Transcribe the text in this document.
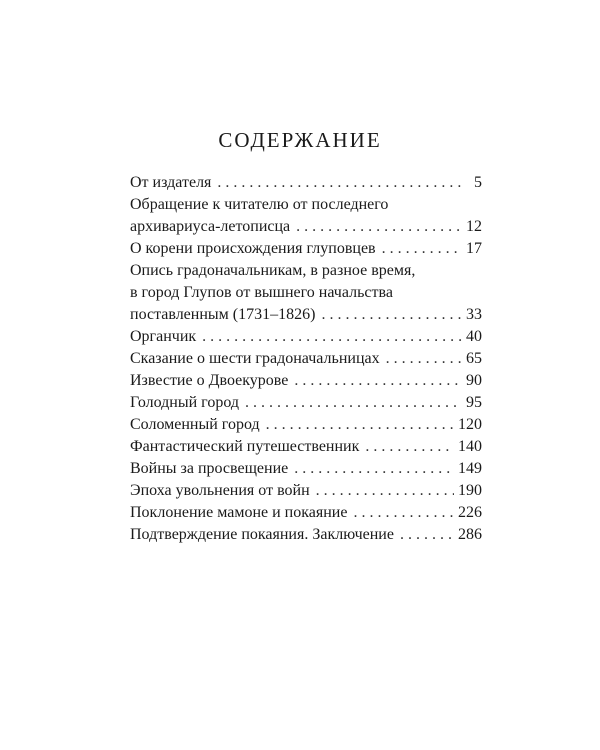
СОДЕРЖАНИЕ
От издателя . . .	5
Обращение к читателю от последнего
архивариуса-летописца . . .	12
О корени происхождения глуповцев . . .	17
Опись градоначальникам, в разное время,
в город Глупов от вышнего начальства
поставленным (1731–1826) . . .	33
Органчик . . .	40
Сказание о шести градоначальницах . . .	65
Известие о Двоекурове . . .	90
Голодный город . . .	95
Соломенный город . . .	120
Фантастический путешественник . . .	140
Войны за просвещение . . .	149
Эпоха увольнения от войн . . .	190
Поклонение мамоне и покаяние . . .	226
Подтверждение покаяния. Заключение . . .	286
